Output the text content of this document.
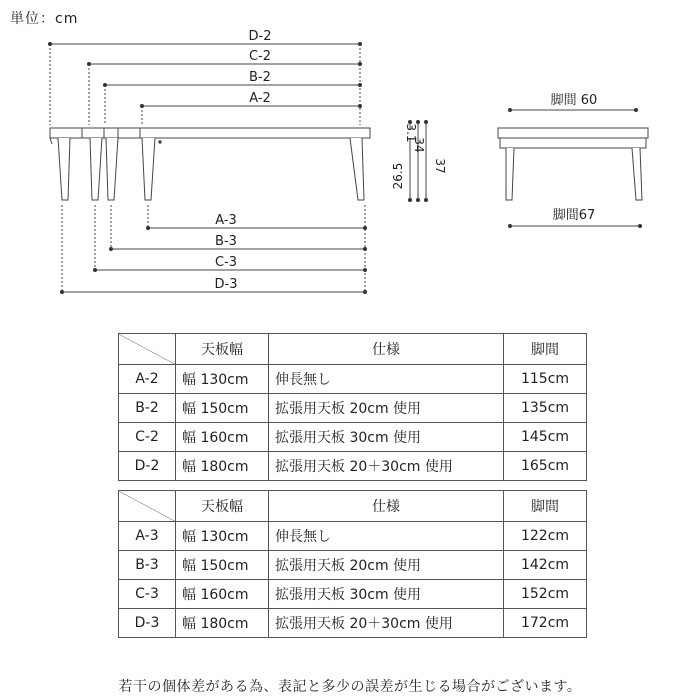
単位：cm
D-2
C-2
B-2
A-2
A-3
B-3
C-3
D-3
脚間 60
脚間67
3.1
34
26.5 37
	天板幅	仕様	脚間
A-2	幅 130cm	伸長無し	115cm
B-2	幅 150cm	拡張用天板 20cm 使用	135cm
C-2	幅 160cm	拡張用天板 30cm 使用	145cm
D-2	幅 180cm	拡張用天板 20＋30cm 使用	165cm
	天板幅	仕様	脚間
A-3	幅 130cm	伸長無し	122cm
B-3	幅 150cm	拡張用天板 20cm 使用	142cm
C-3	幅 160cm	拡張用天板 30cm 使用	152cm
D-3	幅 180cm	拡張用天板 20＋30cm 使用	172cm
若干の個体差がある為、表記と多少の誤差が生じる場合がございます。
